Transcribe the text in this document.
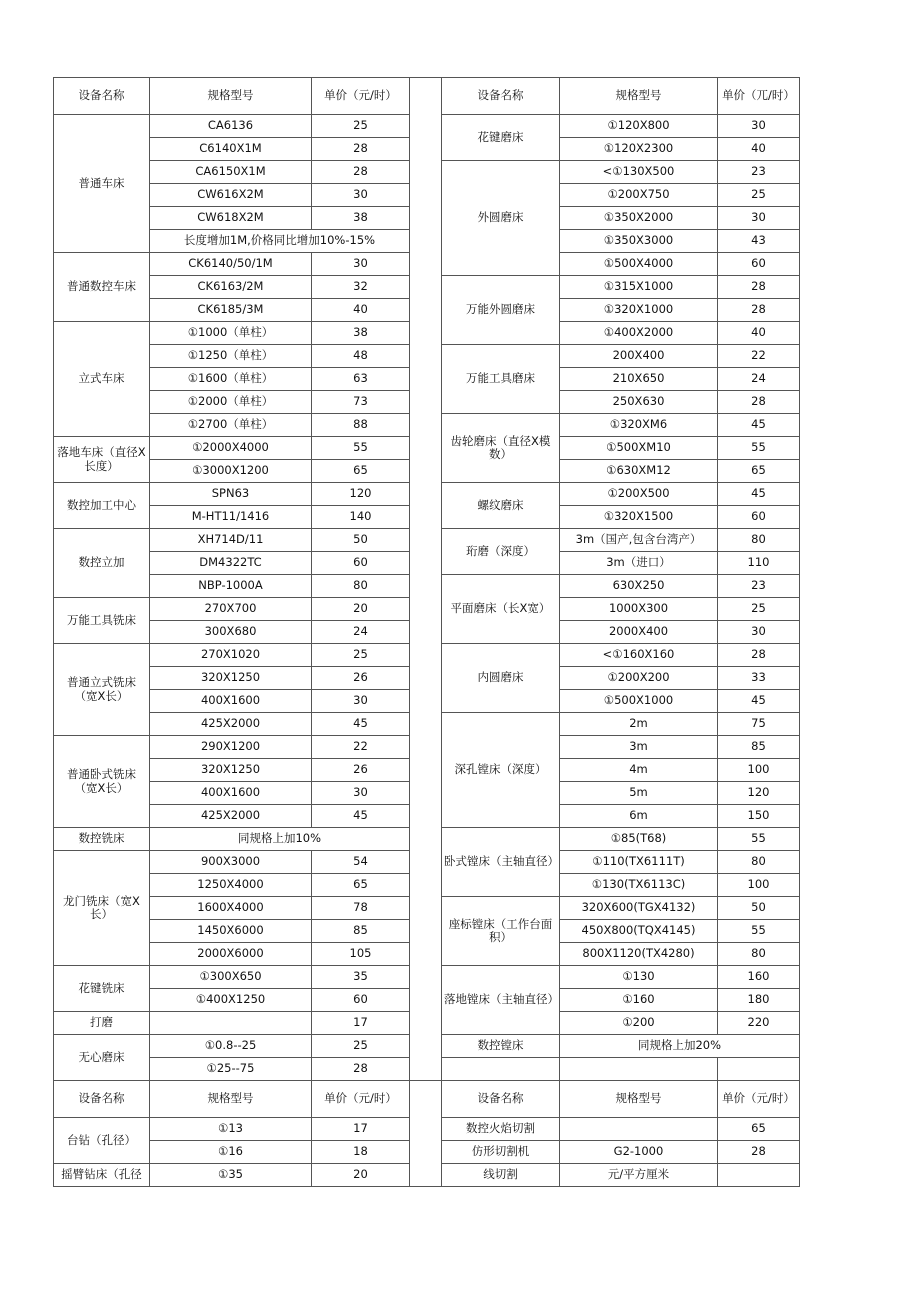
设备名称	规格型号	单价（元/时）		设备名称	规格型号	单价（兀/时）
普通车床	CA6136	25		花键磨床	①120X800	30
	C6140X1M	28			①120X2300	40
	CA6150X1M	28		外圆磨床	<①130X500	23
	CW616X2M	30			①200X750	25
	CW618X2M	38			①350X2000	30
	长度增加1M,价格同比增加10%-15%				①350X3000	43
普通数控车床	CK6140/50/1M	30			①500X4000	60
	CK6163/2M	32		万能外圆磨床	①315X1000	28
	CK6185/3M	40			①320X1000	28
立式车床	①1000（单柱）	38			①400X2000	40
	①1250（单柱）	48		万能工具磨床	200X400	22
	①1600（单柱）	63			210X650	24
	①2000（单柱）	73			250X630	28
	①2700（单柱）	88		齿轮磨床（直径X模数）	①320XM6	45
落地车床（直径X长度）	①2000X4000	55			①500XM10	55
	①3000X1200	65			①630XM12	65
数控加工中心	SPN63	120		螺纹磨床	①200X500	45
	M-HT11/1416	140			①320X1500	60
数控立加	XH714D/11	50		珩磨（深度）	3m（国产,包含台湾产）	80
	DM4322TC	60			3m（进口）	110
	NBP-1000A	80		平面磨床（长X宽）	630X250	23
万能工具铣床	270X700	20			1000X300	25
	300X680	24			2000X400	30
普通立式铣床（宽X长）	270X1020	25		内圆磨床	<①160X160	28
	320X1250	26			①200X200	33
	400X1600	30			①500X1000	45
	425X2000	45		深孔镗床（深度）	2m	75
普通卧式铣床（宽X长）	290X1200	22			3m	85
	320X1250	26			4m	100
	400X1600	30			5m	120
	425X2000	45			6m	150
数控铣床	同规格上加10%			卧式镗床（主轴直径）	①85(T68)	55
龙门铣床（宽X长）	900X3000	54			①110(TX6111T)	80
	1250X4000	65			①130(TX6113C)	100
	1600X4000	78		座标镗床（工作台面积）	320X600(TGX4132)	50
	1450X6000	85			450X800(TQX4145)	55
	2000X6000	105			800X1120(TX4280)	80
花键铣床	①300X650	35		落地镗床（主轴直径）	①130	160
	①400X1250	60			①160	180
打磨		17			①200	220
无心磨床	①0.8--25	25		数控镗床	同规格上加20%	
	①25--75	28				
设备名称	规格型号	单价（元/时）		设备名称	规格型号	单价（元/时）
台钻（孔径）	①13	17		数控火焰切割		65
	①16	18		仿形切割机	G2-1000	28
摇臂钻床（孔径	①35	20		线切割	元/平方厘米	
